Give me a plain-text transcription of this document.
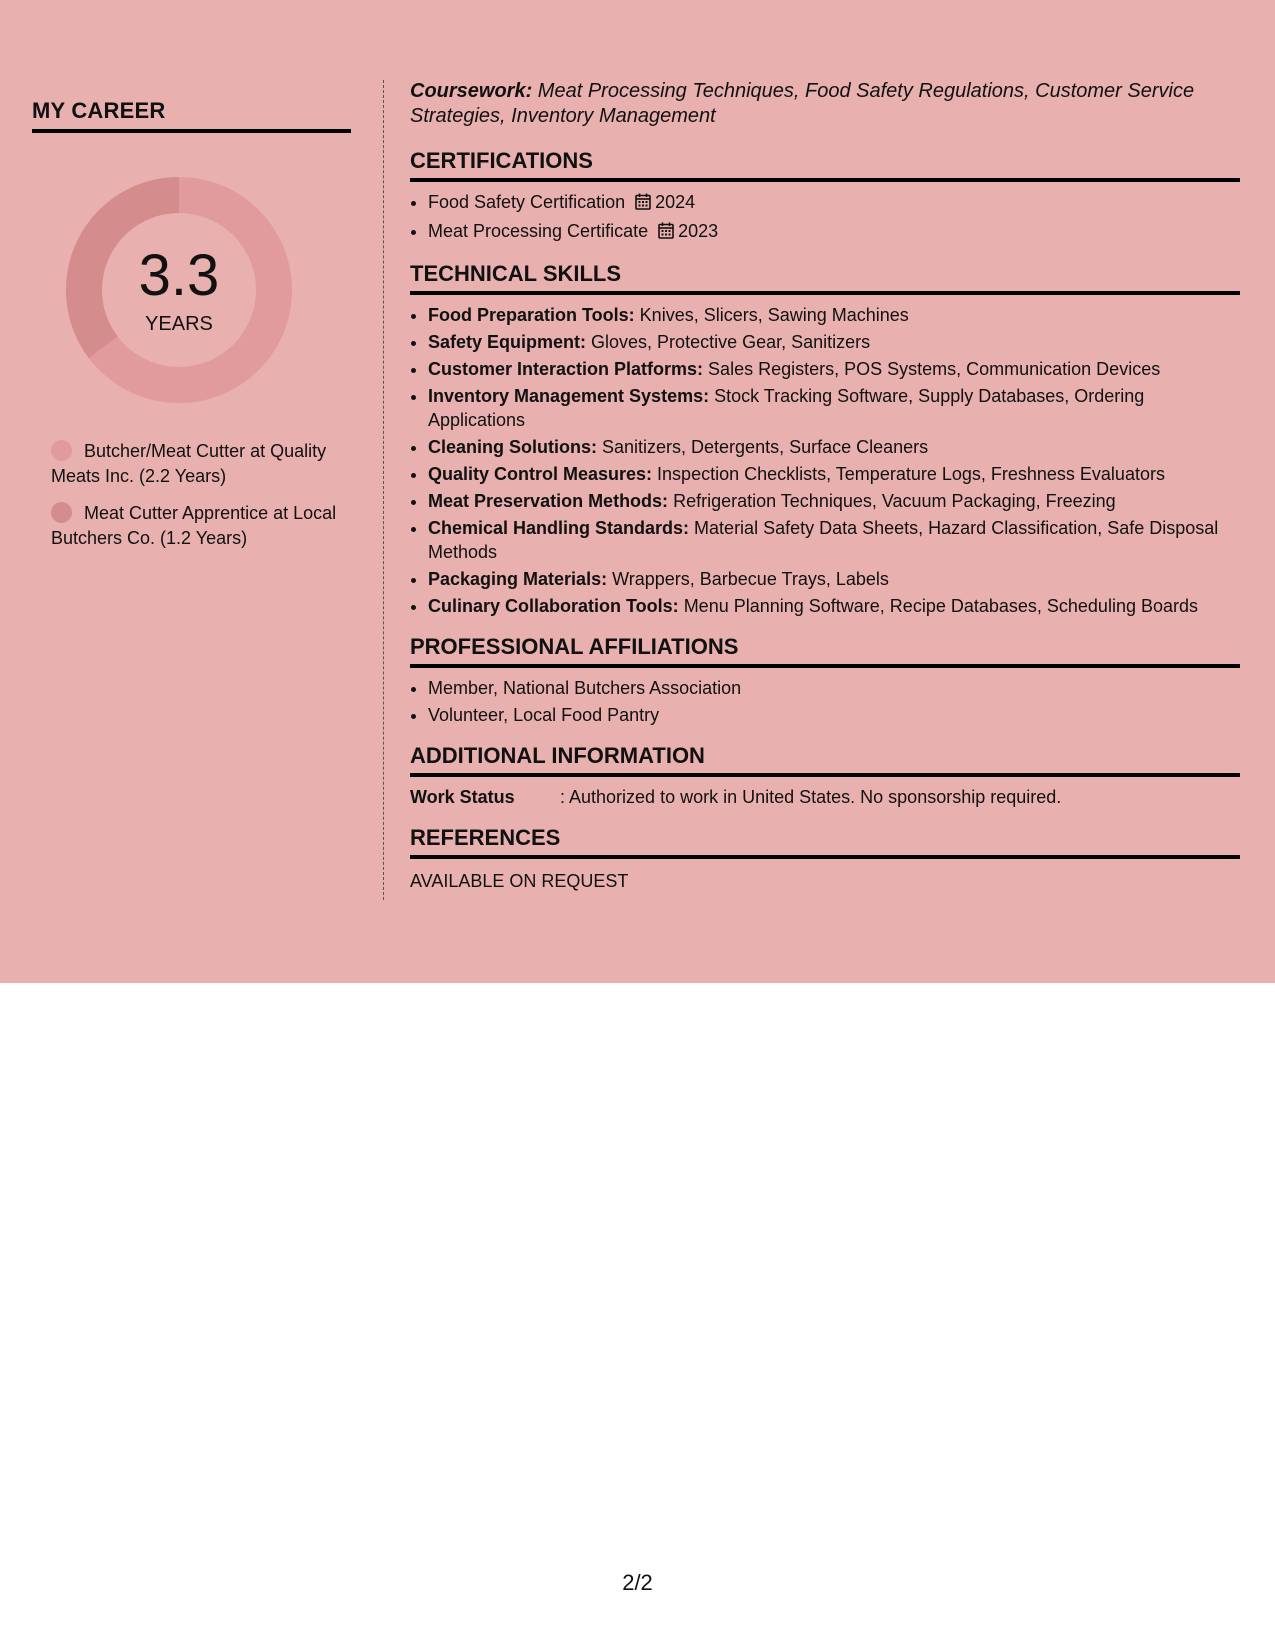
MY CAREER
3.3
YEARS
Butcher/Meat Cutter at Quality Meats Inc. (2.2 Years)
Meat Cutter Apprentice at Local Butchers Co. (1.2 Years)

Coursework: Meat Processing Techniques, Food Safety Regulations, Customer Service Strategies, Inventory Management

CERTIFICATIONS
• Food Safety Certification 2024
• Meat Processing Certificate 2023
TECHNICAL SKILLS
• Food Preparation Tools: Knives, Slicers, Sawing Machines
• Safety Equipment: Gloves, Protective Gear, Sanitizers
• Customer Interaction Platforms: Sales Registers, POS Systems, Communication Devices
• Inventory Management Systems: Stock Tracking Software, Supply Databases, Ordering Applications
• Cleaning Solutions: Sanitizers, Detergents, Surface Cleaners
• Quality Control Measures: Inspection Checklists, Temperature Logs, Freshness Evaluators
• Meat Preservation Methods: Refrigeration Techniques, Vacuum Packaging, Freezing
• Chemical Handling Standards: Material Safety Data Sheets, Hazard Classification, Safe Disposal Methods
• Packaging Materials: Wrappers, Barbecue Trays, Labels
• Culinary Collaboration Tools: Menu Planning Software, Recipe Databases, Scheduling Boards
PROFESSIONAL AFFILIATIONS
• Member, National Butchers Association
• Volunteer, Local Food Pantry
ADDITIONAL INFORMATION
Work Status	: Authorized to work in United States. No sponsorship required.
REFERENCES

AVAILABLE ON REQUEST

2/2
